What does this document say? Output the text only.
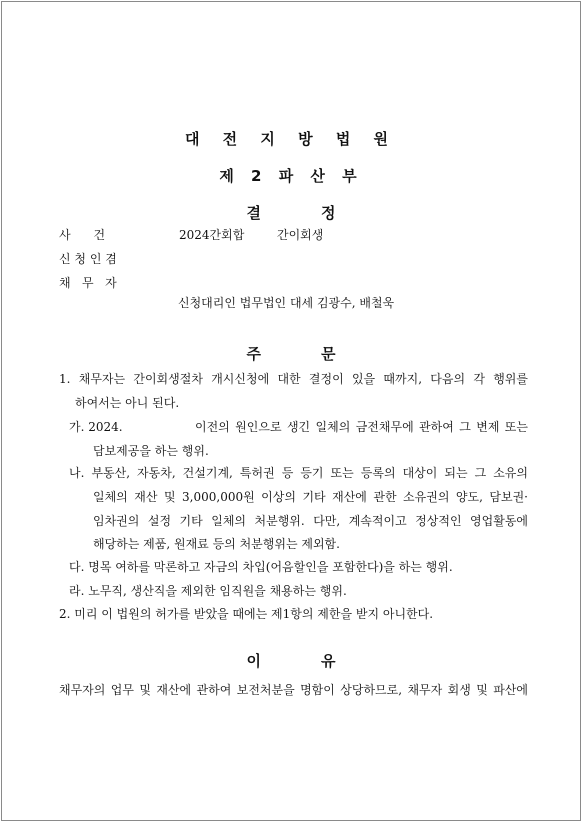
대 전 지 방 법 원
제 2 파 산 부
결	정
사      건	2024간회합	간이회생
신 청 인 겸
채   무   자
신청대리인 법무법인 대세 김광수, 배철욱
주	문
1. 채무자는 간이회생절차 개시신청에 대한 결정이 있을 때까지, 다음의 각 행위를
하여서는 아니 된다.
가. 2024.	이전의 원인으로 생긴 일체의 금전채무에 관하여 그 변제 또는
담보제공을 하는 행위.
나. 부동산, 자동차, 건설기계, 특허권 등 등기 또는 등록의 대상이 되는 그 소유의
일체의 재산 및 3,000,000원 이상의 기타 재산에 관한 소유권의 양도, 담보권·
임차권의 설정 기타 일체의 처분행위. 다만, 계속적이고 정상적인 영업활동에
해당하는 제품, 원재료 등의 처분행위는 제외함.
다. 명목 여하를 막론하고 자금의 차입(어음할인을 포함한다)을 하는 행위.
라. 노무직, 생산직을 제외한 임직원을 채용하는 행위.
2. 미리 이 법원의 허가를 받았을 때에는 제1항의 제한을 받지 아니한다.
이	유
채무자의 업무 및 재산에 관하여 보전처분을 명함이 상당하므로, 채무자 회생 및 파산에
